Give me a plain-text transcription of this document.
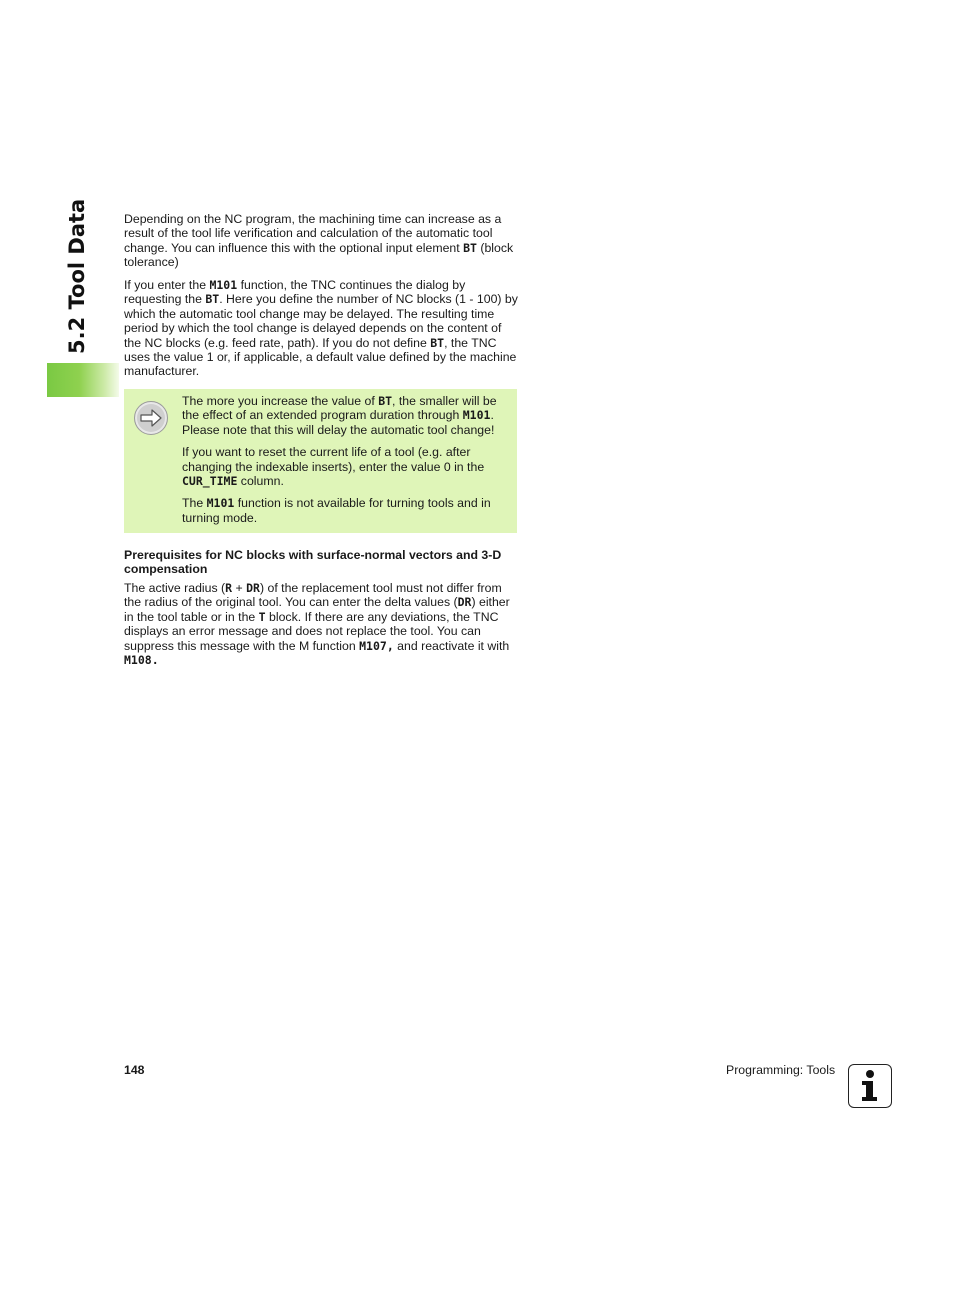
5.2 Tool Data	Depending on the NC program, the machining time can increase as a result of the tool life verification and calculation of the automatic tool change. You can influence this with the optional input element BT (block tolerance)

If you enter the M101 function, the TNC continues the dialog by requesting the BT. Here you define the number of NC blocks (1 - 100) by which the automatic tool change may be delayed. The resulting time period by which the tool change is delayed depends on the content of the NC blocks (e.g. feed rate, path). If you do not define BT, the TNC uses the value 1 or, if applicable, a default value defined by the machine manufacturer.

The more you increase the value of BT, the smaller will be the effect of an extended program duration through M101. Please note that this will delay the automatic tool change!

If you want to reset the current life of a tool (e.g. after changing the indexable inserts), enter the value 0 in the CUR_TIME column.

The M101 function is not available for turning tools and in turning mode.

Prerequisites for NC blocks with surface-normal vectors and 3-D compensation

The active radius (R + DR) of the replacement tool must not differ from the radius of the original tool. You can enter the delta values (DR) either in the tool table or in the T block. If there are any deviations, the TNC displays an error message and does not replace the tool. You can suppress this message with the M function M107, and reactivate it with M108.

148	Programming: Tools
